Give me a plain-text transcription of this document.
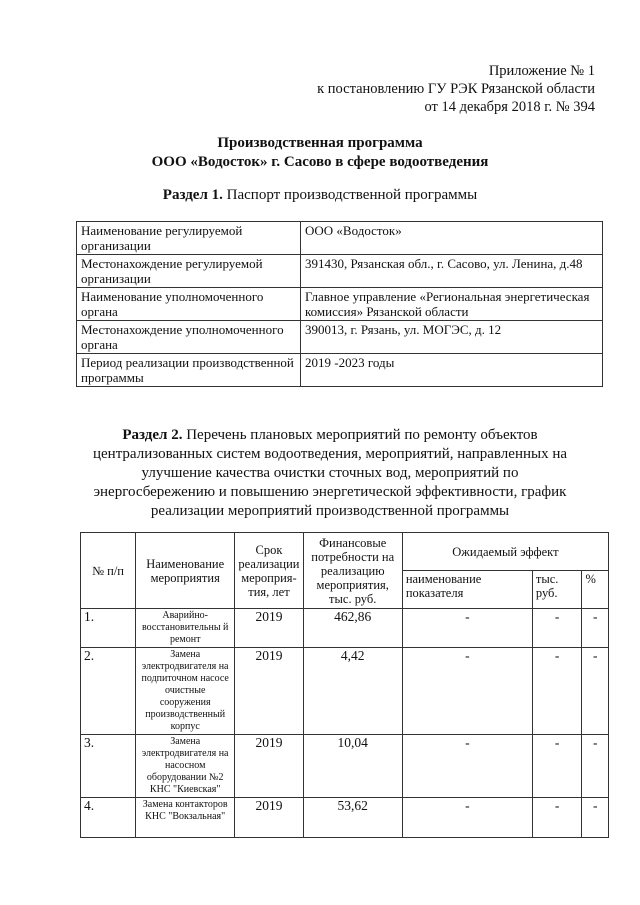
Приложение № 1
к постановлению ГУ РЭК Рязанской области
от 14 декабря 2018 г. № 394
Производственная программа
ООО «Водосток» г. Сасово в сфере водоотведения
Раздел 1. Паспорт производственной программы
Наименование регулируемой организации	ООО «Водосток»
Местонахождение регулируемой организации	391430, Рязанская обл., г. Сасово, ул. Ленина, д.48
Наименование уполномоченного органа	Главное управление «Региональная энергетическая комиссия» Рязанской области
Местонахождение уполномоченного органа	390013, г. Рязань, ул. МОГЭС, д. 12
Период реализации производственной программы	2019 -2023 годы
Раздел 2. Перечень плановых мероприятий по ремонту объектов централизованных систем водоотведения, мероприятий, направленных на улучшение качества очистки сточных вод, мероприятий по энергосбережению и повышению энергетической эффективности, график реализации мероприятий производственной программы
№ п/п	Наименование мероприятия	Срок реализации мероприя-тия, лет	Финансовые потребности на реализацию мероприятия, тыс. руб.	Ожидаемый эффект		
				наименование показателя	тыс. руб.	%
1.	Аварийно-восстановительны й ремонт	2019	462,86	-	-	-
2.	Замена электродвигателя на подпиточном насосе очистные сооружения производственный корпус	2019	4,42	-	-	-
3.	Замена электродвигателя на насосном оборудовании №2 КНС "Киевская"	2019	10,04	-	-	-
4.	Замена контакторов КНС "Вокзальная"	2019	53,62	-	-	-
